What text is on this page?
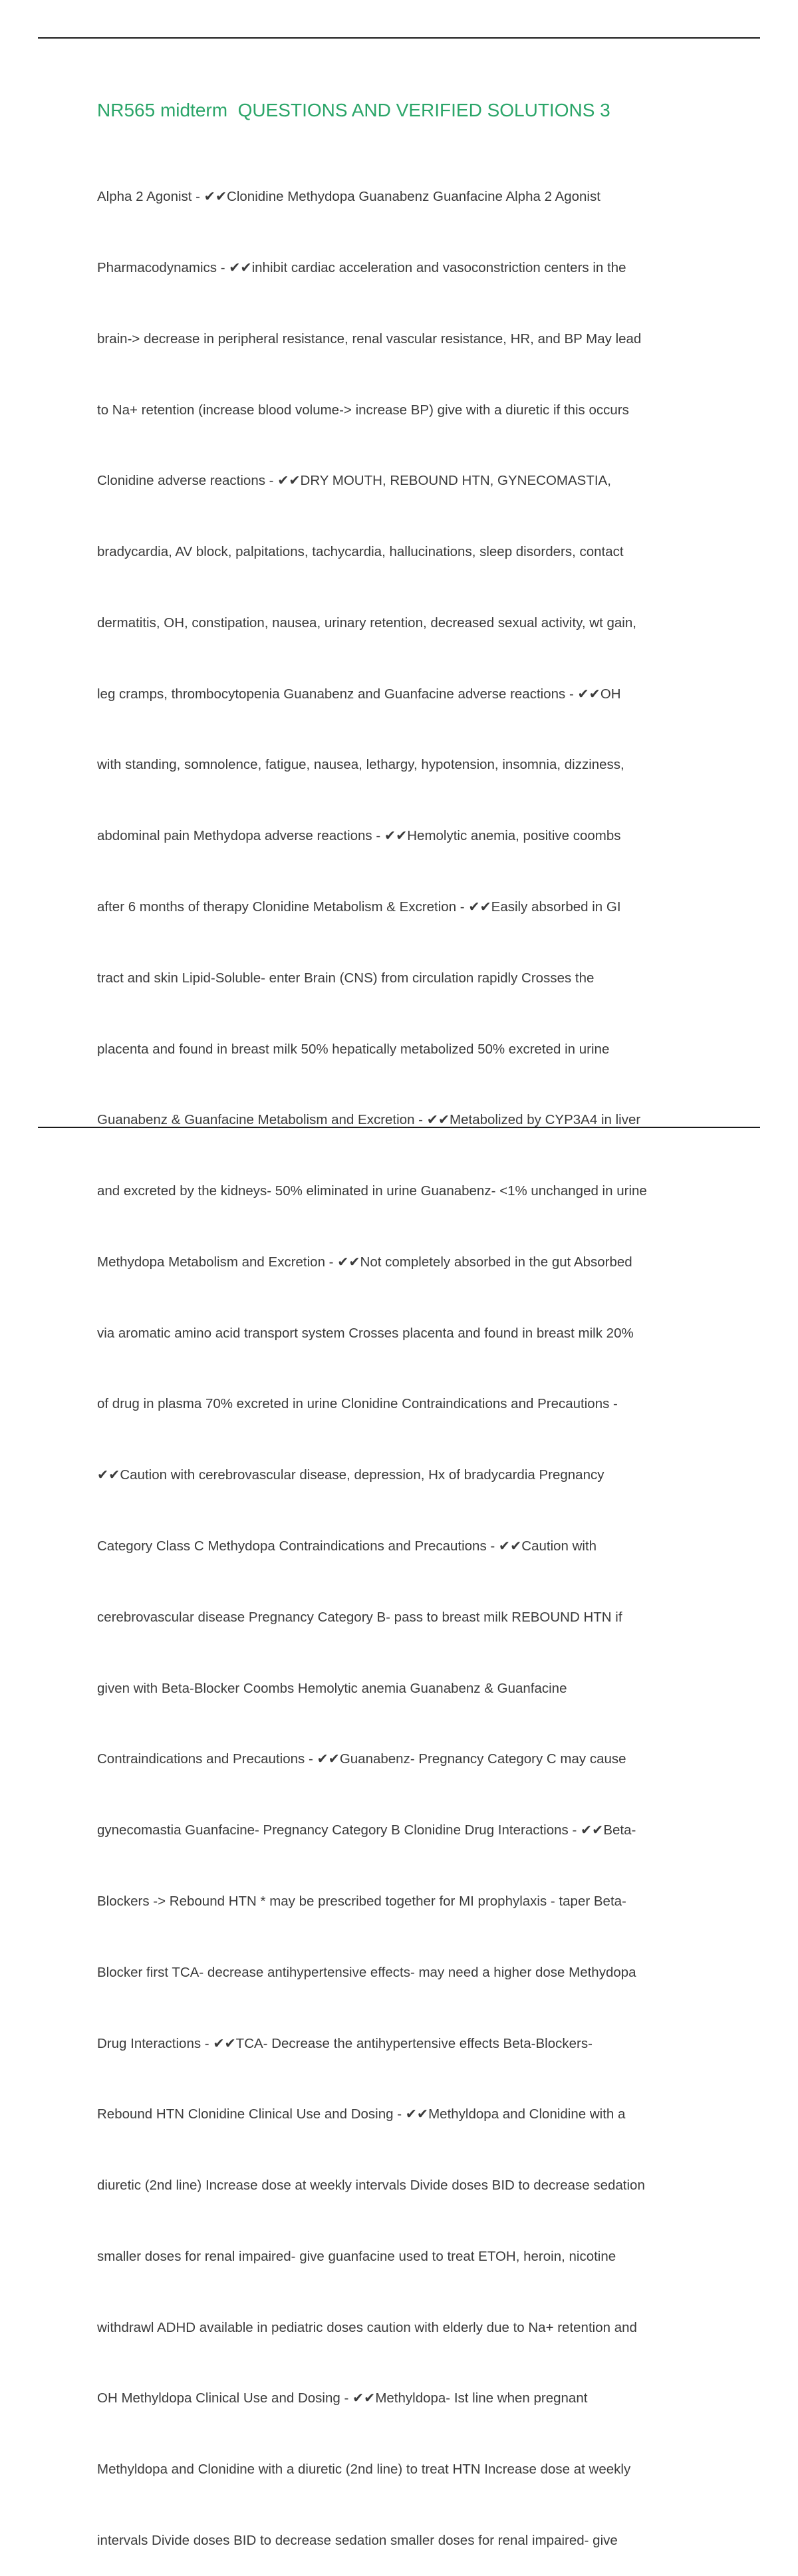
NR565 midterm  QUESTIONS AND VERIFIED SOLUTIONS 3

Alpha 2 Agonist - ✔✔Clonidine Methydopa Guanabenz Guanfacine Alpha 2 Agonist

Pharmacodynamics - ✔✔inhibit cardiac acceleration and vasoconstriction centers in the

brain-> decrease in peripheral resistance, renal vascular resistance, HR, and BP May lead

to Na+ retention (increase blood volume-> increase BP) give with a diuretic if this occurs

Clonidine adverse reactions - ✔✔DRY MOUTH, REBOUND HTN, GYNECOMASTIA,

bradycardia, AV block, palpitations, tachycardia, hallucinations, sleep disorders, contact

dermatitis, OH, constipation, nausea, urinary retention, decreased sexual activity, wt gain,

leg cramps, thrombocytopenia Guanabenz and Guanfacine adverse reactions - ✔✔OH

with standing, somnolence, fatigue, nausea, lethargy, hypotension, insomnia, dizziness,

abdominal pain Methydopa adverse reactions - ✔✔Hemolytic anemia, positive coombs

after 6 months of therapy Clonidine Metabolism & Excretion - ✔✔Easily absorbed in GI

tract and skin Lipid-Soluble- enter Brain (CNS) from circulation rapidly Crosses the

placenta and found in breast milk 50% hepatically metabolized 50% excreted in urine

Guanabenz & Guanfacine Metabolism and Excretion - ✔✔Metabolized by CYP3A4 in liver

and excreted by the kidneys- 50% eliminated in urine Guanabenz- <1% unchanged in urine

Methydopa Metabolism and Excretion - ✔✔Not completely absorbed in the gut Absorbed

via aromatic amino acid transport system Crosses placenta and found in breast milk 20%

of drug in plasma 70% excreted in urine Clonidine Contraindications and Precautions -

✔✔Caution with cerebrovascular disease, depression, Hx of bradycardia Pregnancy

Category Class C Methydopa Contraindications and Precautions - ✔✔Caution with

cerebrovascular disease Pregnancy Category B- pass to breast milk REBOUND HTN if

given with Beta-Blocker Coombs Hemolytic anemia Guanabenz & Guanfacine

Contraindications and Precautions - ✔✔Guanabenz- Pregnancy Category C may cause

gynecomastia Guanfacine- Pregnancy Category B Clonidine Drug Interactions - ✔✔Beta-

Blockers -> Rebound HTN * may be prescribed together for MI prophylaxis - taper Beta-

Blocker first TCA- decrease antihypertensive effects- may need a higher dose Methydopa

Drug Interactions - ✔✔TCA- Decrease the antihypertensive effects Beta-Blockers-

Rebound HTN Clonidine Clinical Use and Dosing - ✔✔Methyldopa and Clonidine with a

diuretic (2nd line) Increase dose at weekly intervals Divide doses BID to decrease sedation

smaller doses for renal impaired- give guanfacine used to treat ETOH, heroin, nicotine

withdrawl ADHD available in pediatric doses caution with elderly due to Na+ retention and

OH Methyldopa Clinical Use and Dosing - ✔✔Methyldopa- Ist line when pregnant

Methyldopa and Clonidine with a diuretic (2nd line) to treat HTN Increase dose at weekly

intervals Divide doses BID to decrease sedation smaller doses for renal impaired- give
